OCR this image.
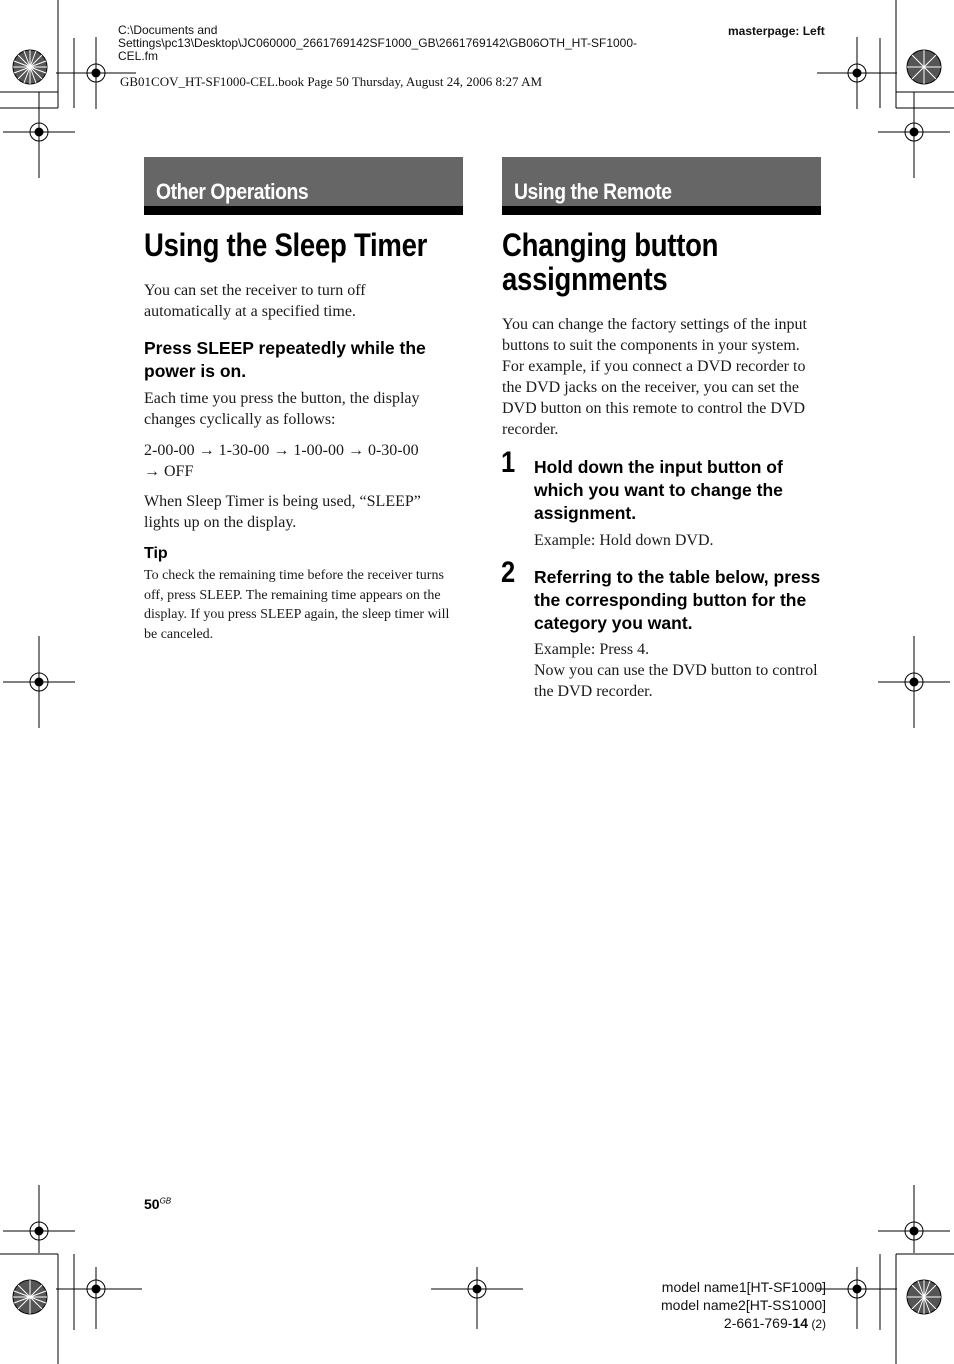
C:\Documents and
Settings\pc13\Desktop\JC060000_2661769142SF1000_GB\2661769142\GB06OTH_HT-SF1000-
CEL.fm
masterpage: Left
GB01COV_HT-SF1000-CEL.book Page 50 Thursday, August 24, 2006 8:27 AM
Other Operations
Using the Sleep Timer
You can set the receiver to turn off automatically at a specified time.
Press SLEEP repeatedly while the power is on.
Each time you press the button, the display changes cyclically as follows:
2-00-00 → 1-30-00 → 1-00-00 → 0-30-00
→ OFF
When Sleep Timer is being used, “SLEEP” lights up on the display.
Tip
To check the remaining time before the receiver turns off, press SLEEP. The remaining time appears on the display. If you press SLEEP again, the sleep timer will be canceled.
Using the Remote
Changing button
assignments
You can change the factory settings of the input buttons to suit the components in your system. For example, if you connect a DVD recorder to the DVD jacks on the receiver, you can set the DVD button on this remote to control the DVD recorder.
1 Hold down the input button of which you want to change the assignment.
Example: Hold down DVD.
2 Referring to the table below, press the corresponding button for the category you want.
Example: Press 4.
Now you can use the DVD button to control the DVD recorder.
$50^{GB}$
model name1[HT-SF1000]
model name2[HT-SS1000]
2-661-769-14 (2)
